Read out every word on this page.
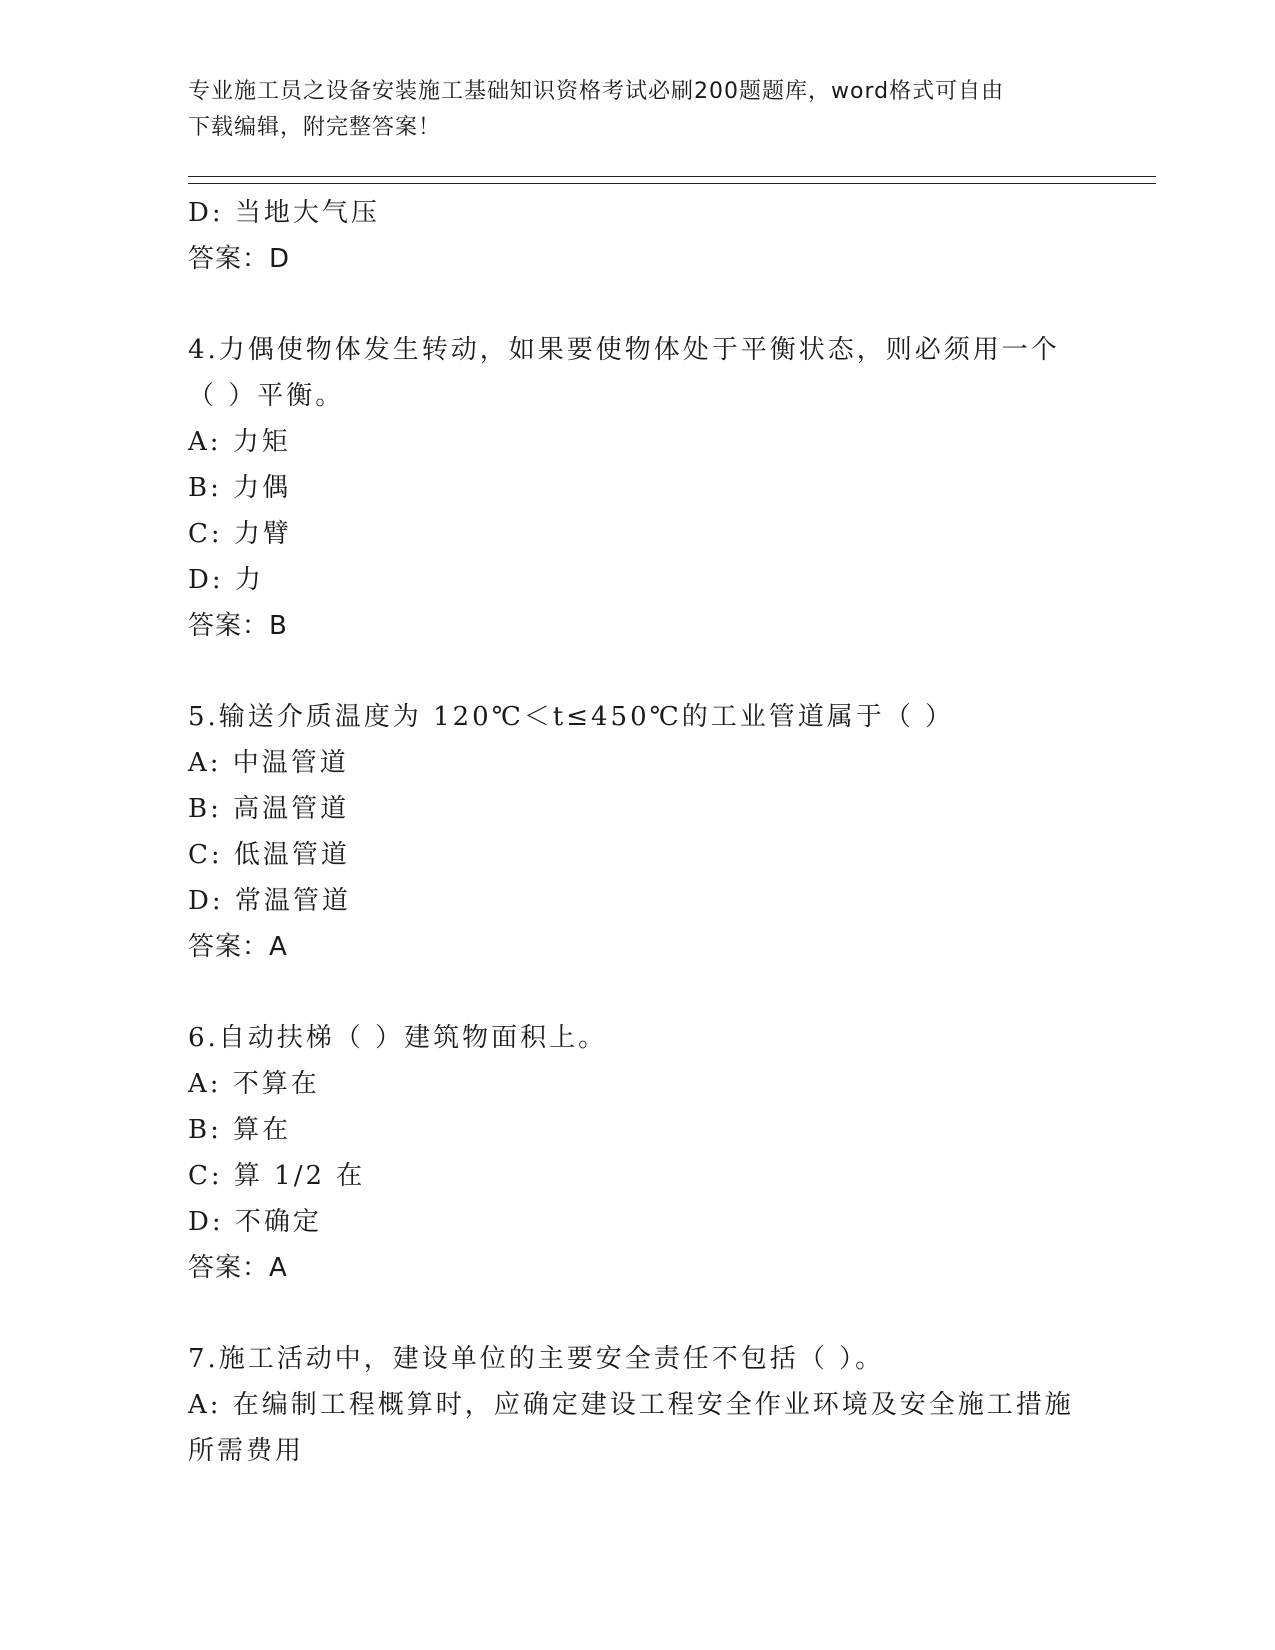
专业施工员之设备安装施工基础知识资格考试必刷200题题库，word格式可自由
下载编辑，附完整答案！
D: 当地大气压
答案：D
4.力偶使物体发生转动，如果要使物体处于平衡状态，则必须用一个
（ ）平衡。
A: 力矩
B: 力偶
C: 力臂
D: 力
答案：B
5.输送介质温度为 120℃＜t≤450℃的工业管道属于（ ）
A: 中温管道
B: 高温管道
C: 低温管道
D: 常温管道
答案：A
6.自动扶梯（ ）建筑物面积上。
A: 不算在
B: 算在
C: 算 1/2 在
D: 不确定
答案：A
7.施工活动中，建设单位的主要安全责任不包括（ ）。
A: 在编制工程概算时，应确定建设工程安全作业环境及安全施工措施
所需费用
